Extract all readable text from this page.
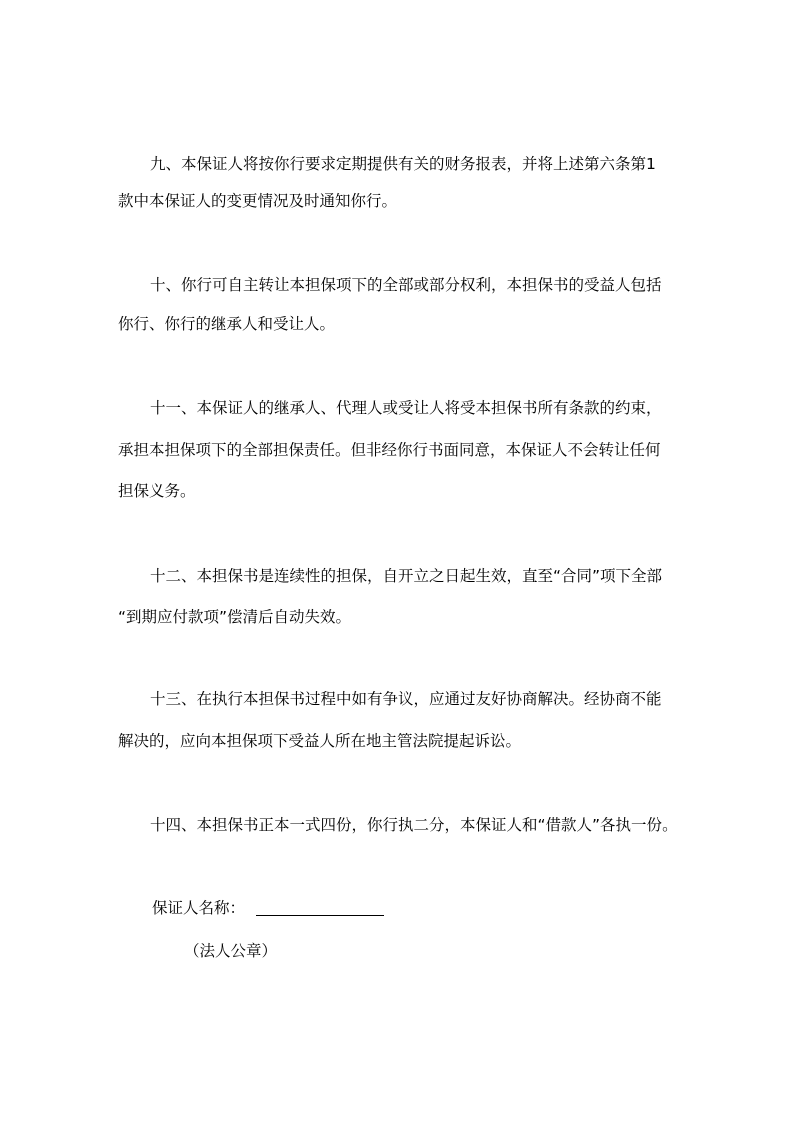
九、本保证人将按你行要求定期提供有关的财务报表，并将上述第六条第1
款中本保证人的变更情况及时通知你行。
十、你行可自主转让本担保项下的全部或部分权利，本担保书的受益人包括
你行、你行的继承人和受让人。
十一、本保证人的继承人、代理人或受让人将受本担保书所有条款的约束，
承担本担保项下的全部担保责任。但非经你行书面同意，本保证人不会转让任何
担保义务。
十二、本担保书是连续性的担保，自开立之日起生效，直至“合同”项下全部
“到期应付款项”偿清后自动失效。
十三、在执行本担保书过程中如有争议，应通过友好协商解决。经协商不能
解决的，应向本担保项下受益人所在地主管法院提起诉讼。
十四、本担保书正本一式四份，你行执二分，本保证人和“借款人”各执一份。
保证人名称：
（法人公章）
